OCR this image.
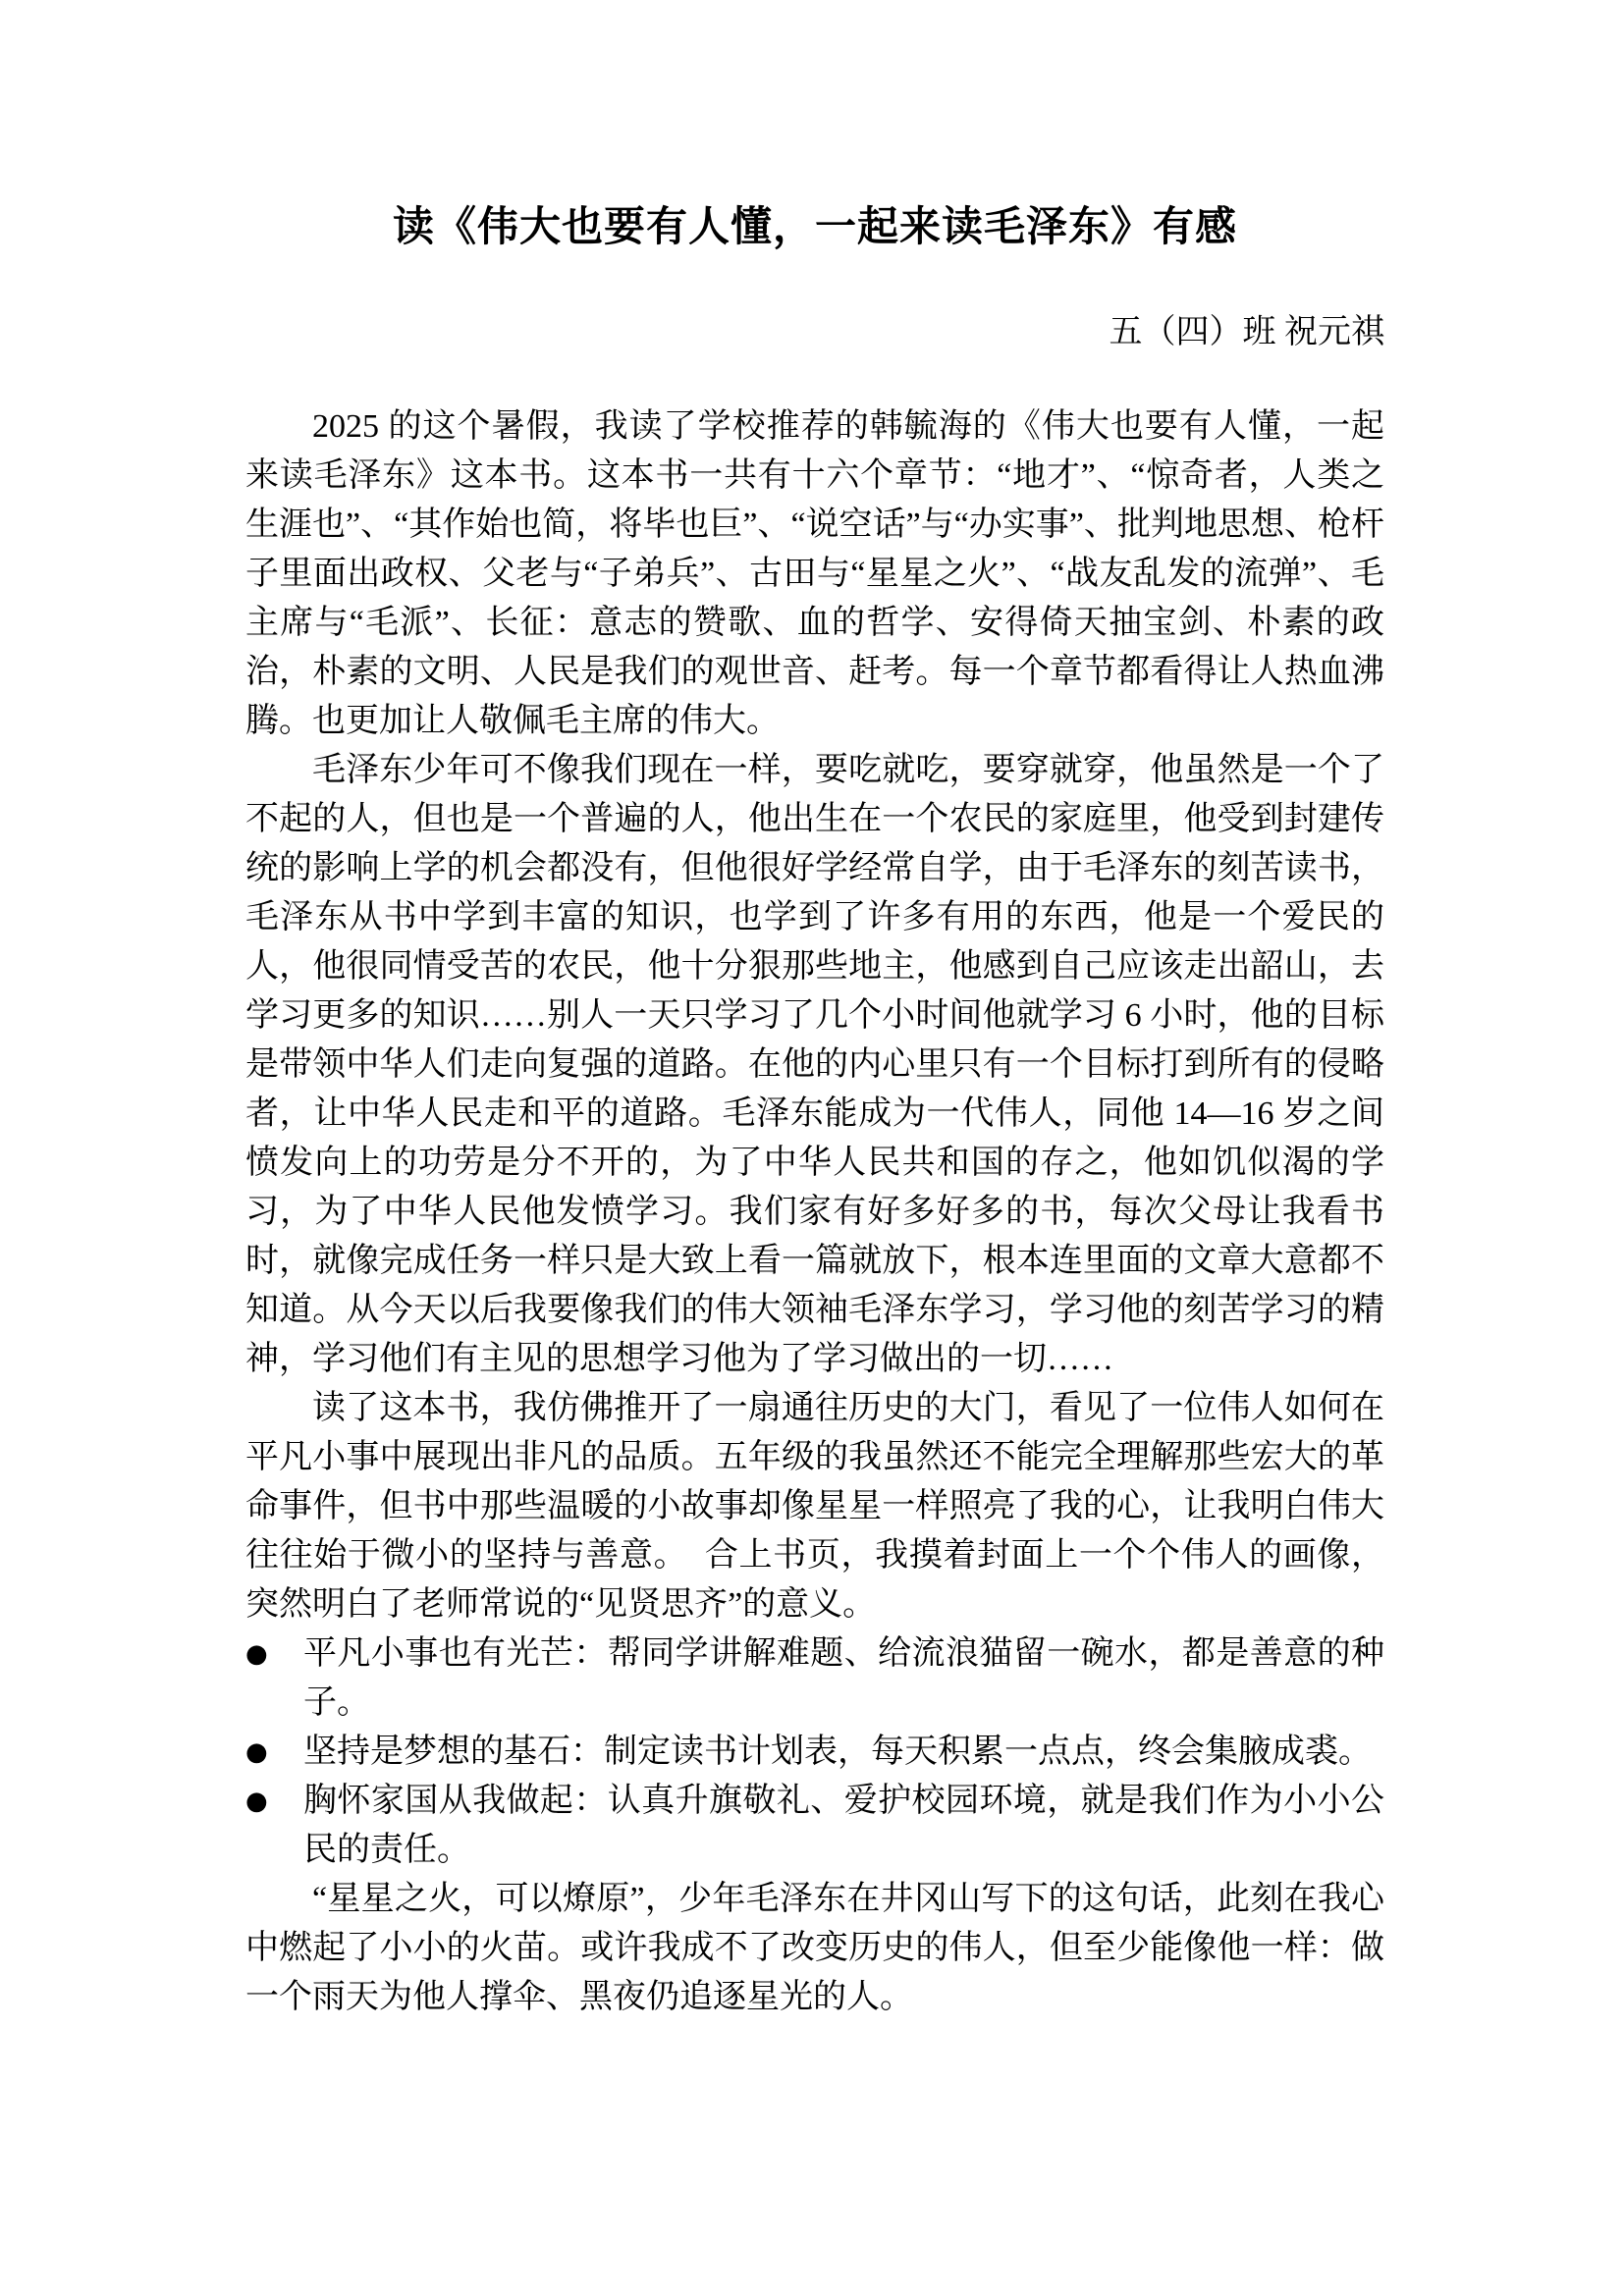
读《伟大也要有人懂，一起来读毛泽东》有感
五（四）班 祝元祺

2025 的这个暑假，我读了学校推荐的韩毓海的《伟大也要有人懂，一起来读毛泽东》这本书。这本书一共有十六个章节：“地才”、“惊奇者，人类之生涯也”、“其作始也简，将毕也巨”、“说空话”与“办实事”、批判地思想、枪杆子里面出政权、父老与“子弟兵”、古田与“星星之火”、“战友乱发的流弹”、毛主席与“毛派”、长征：意志的赞歌、血的哲学、安得倚天抽宝剑、朴素的政治，朴素的文明、人民是我们的观世音、赶考。每一个章节都看得让人热血沸腾。也更加让人敬佩毛主席的伟大。

毛泽东少年可不像我们现在一样，要吃就吃，要穿就穿，他虽然是一个了不起的人，但也是一个普遍的人，他出生在一个农民的家庭里，他受到封建传统的影响上学的机会都没有，但他很好学经常自学，由于毛泽东的刻苦读书，毛泽东从书中学到丰富的知识，也学到了许多有用的东西，他是一个爱民的人，他很同情受苦的农民，他十分狠那些地主，他感到自己应该走出韶山，去学习更多的知识……别人一天只学习了几个小时间他就学习 6 小时，他的目标是带领中华人们走向复强的道路。在他的内心里只有一个目标打到所有的侵略者，让中华人民走和平的道路。毛泽东能成为一代伟人，同他 14—16 岁之间愤发向上的功劳是分不开的，为了中华人民共和国的存之，他如饥似渴的学习，为了中华人民他发愤学习。我们家有好多好多的书，每次父母让我看书时，就像完成任务一样只是大致上看一篇就放下，根本连里面的文章大意都不知道。从今天以后我要像我们的伟大领袖毛泽东学习，学习他的刻苦学习的精神，学习他们有主见的思想学习他为了学习做出的一切……

读了这本书，我仿佛推开了一扇通往历史的大门，看见了一位伟人如何在平凡小事中展现出非凡的品质。五年级的我虽然还不能完全理解那些宏大的革命事件，但书中那些温暖的小故事却像星星一样照亮了我的心，让我明白伟大往往始于微小的坚持与善意。　合上书页，我摸着封面上一个个伟人的画像，突然明白了老师常说的“见贤思齐”的意义。

●	平凡小事也有光芒：帮同学讲解难题、给流浪猫留一碗水，都是善意的种子。
●	坚持是梦想的基石：制定读书计划表，每天积累一点点，终会集腋成裘。
●	胸怀家国从我做起：认真升旗敬礼、爱护校园环境，就是我们作为小小公民的责任。

“星星之火，可以燎原”，少年毛泽东在井冈山写下的这句话，此刻在我心中燃起了小小的火苗。或许我成不了改变历史的伟人，但至少能像他一样：做一个雨天为他人撑伞、黑夜仍追逐星光的人。
